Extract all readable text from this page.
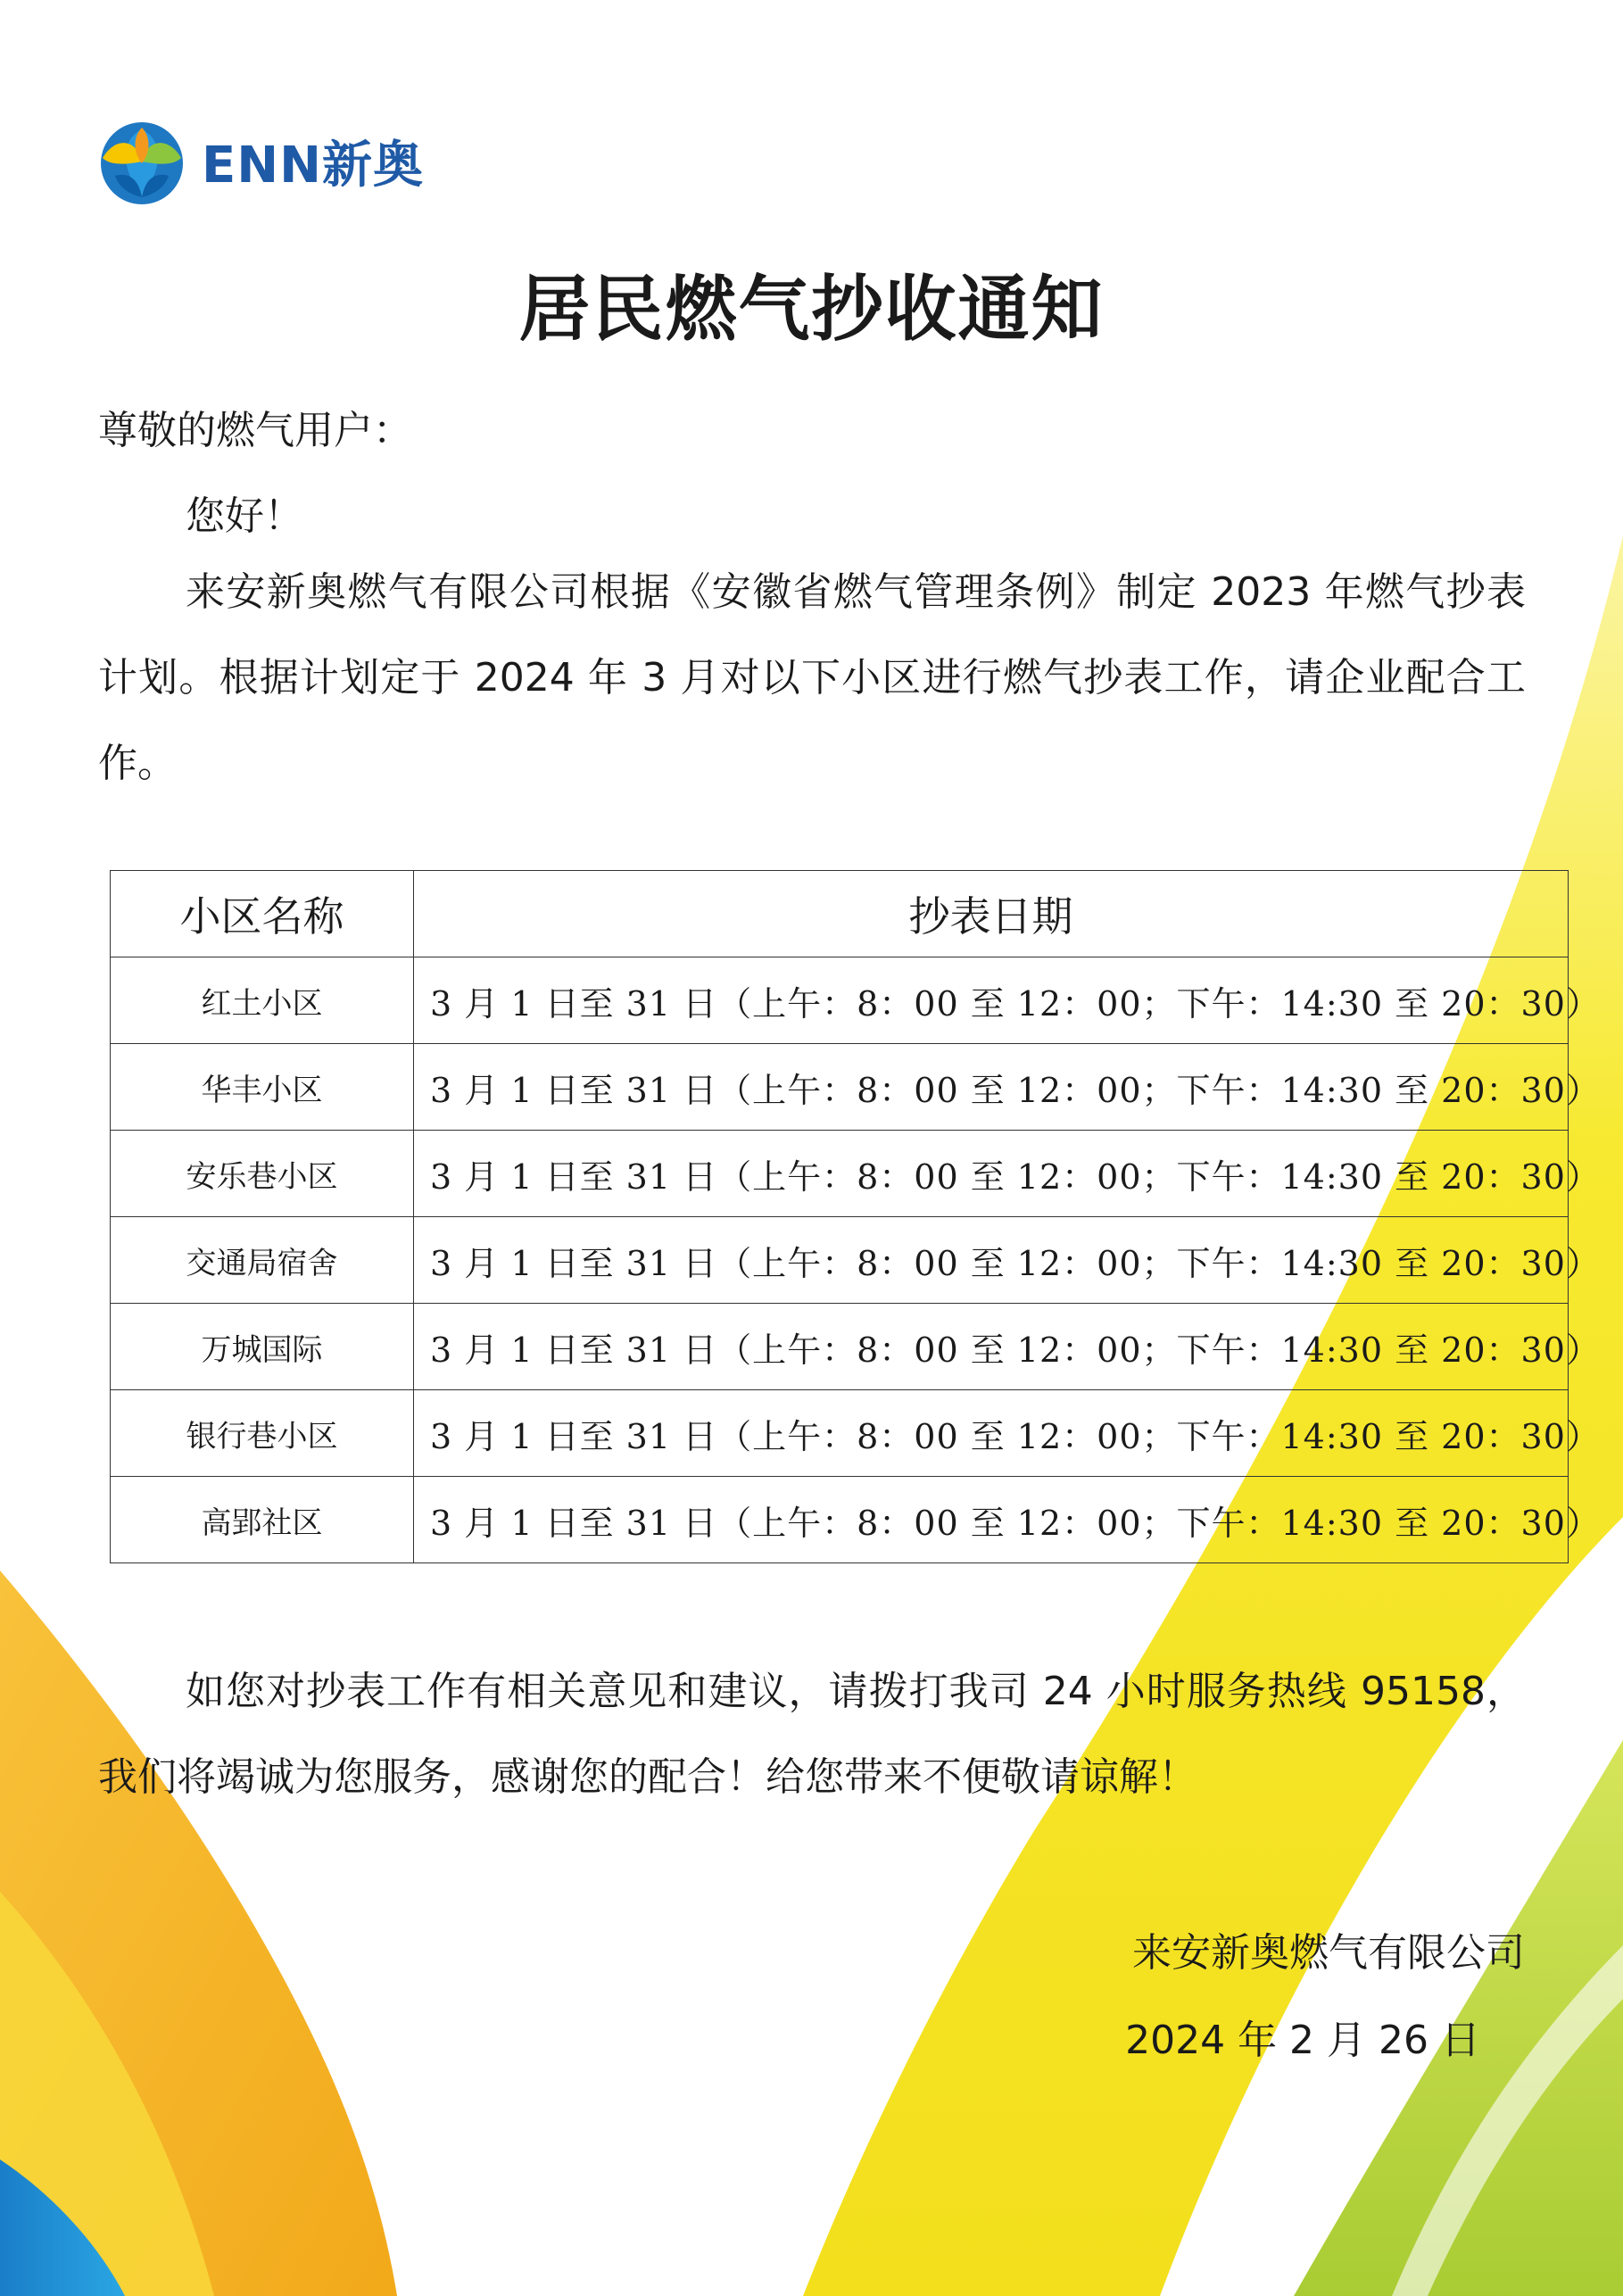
ENN新奥
居民燃气抄收通知
尊敬的燃气用户：
您好！
来安新奥燃气有限公司根据《安徽省燃气管理条例》制定 2023 年燃气抄表计划。根据计划定于 2024 年 3 月对以下小区进行燃气抄表工作，请企业配合工作。
小区名称	抄表日期
红土小区	3 月 1 日至 31 日（上午：8：00 至 12：00；下午：14:30 至 20：30）
华丰小区	3 月 1 日至 31 日（上午：8：00 至 12：00；下午：14:30 至 20：30）
安乐巷小区	3 月 1 日至 31 日（上午：8：00 至 12：00；下午：14:30 至 20：30）
交通局宿舍	3 月 1 日至 31 日（上午：8：00 至 12：00；下午：14:30 至 20：30）
万城国际	3 月 1 日至 31 日（上午：8：00 至 12：00；下午：14:30 至 20：30）
银行巷小区	3 月 1 日至 31 日（上午：8：00 至 12：00；下午：14:30 至 20：30）
高郢社区	3 月 1 日至 31 日（上午：8：00 至 12：00；下午：14:30 至 20：30）
如您对抄表工作有相关意见和建议，请拨打我司 24 小时服务热线 95158，我们将竭诚为您服务，感谢您的配合！给您带来不便敬请谅解！
来安新奥燃气有限公司
2024 年 2 月 26 日
